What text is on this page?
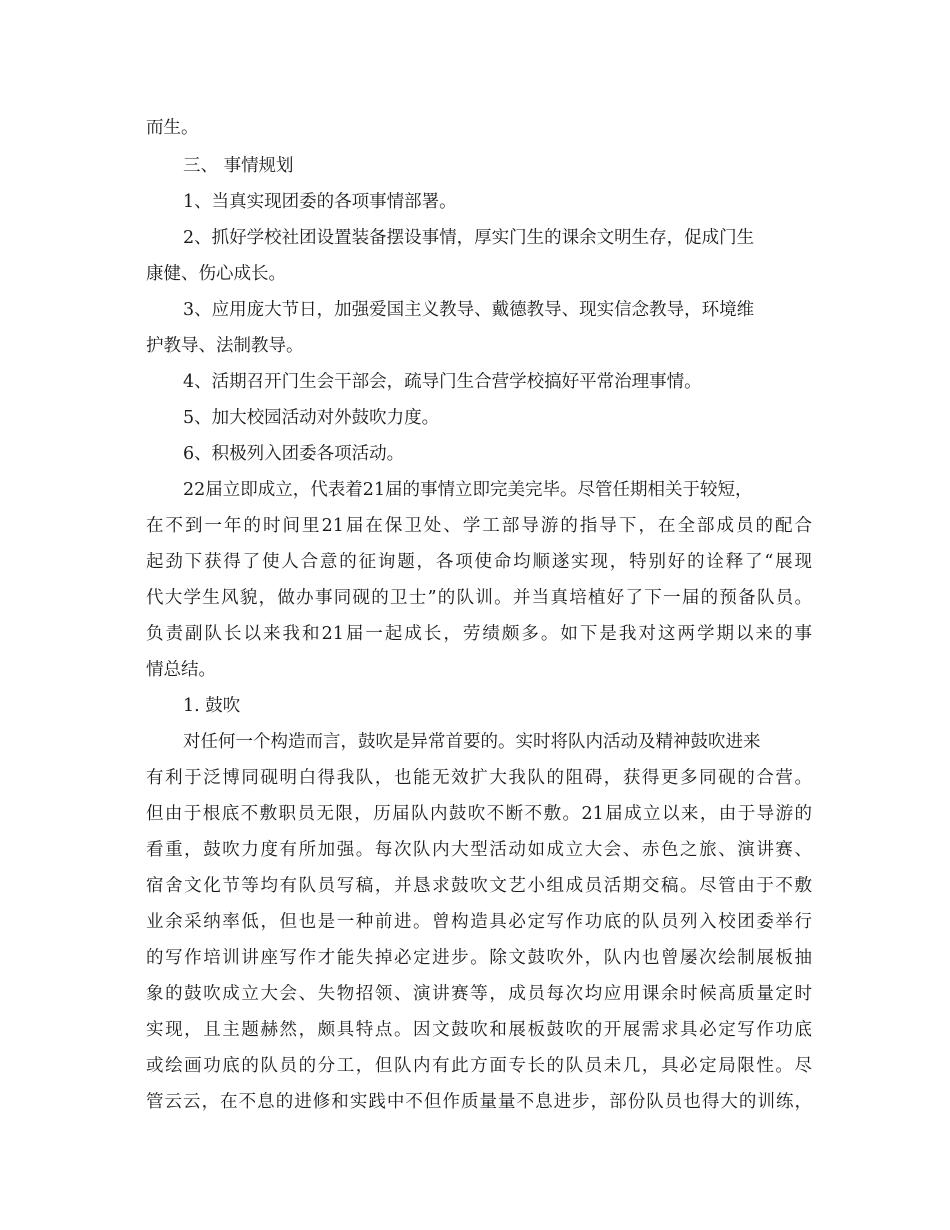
而生。
三、 事情规划
1、当真实现团委的各项事情部署。
2、抓好学校社团设置装备摆设事情，厚实门生的课余文明生存，促成门生
康健、伤心成长。
3、应用庞大节日，加强爱国主义教导、戴德教导、现实信念教导，环境维
护教导、法制教导。
4、活期召开门生会干部会，疏导门生合营学校搞好平常治理事情。
5、加大校园活动对外鼓吹力度。
6、积极列入团委各项活动。
22届立即成立，代表着21届的事情立即完美完毕。尽管任期相关于较短，
在不到一年的时间里21届在保卫处、学工部导游的指导下，在全部成员的配合
起劲下获得了使人合意的征询题，各项使命均顺遂实现，特别好的诠释了“展现
代大学生风貌，做办事同砚的卫士”的队训。并当真培植好了下一届的预备队员。
负责副队长以来我和21届一起成长，劳绩颇多。如下是我对这两学期以来的事
情总结。
1. 鼓吹
对任何一个构造而言，鼓吹是异常首要的。实时将队内活动及精神鼓吹进来
有利于泛博同砚明白得我队，也能无效扩大我队的阻碍，获得更多同砚的合营。
但由于根底不敷职员无限，历届队内鼓吹不断不敷。21届成立以来，由于导游的
看重，鼓吹力度有所加强。每次队内大型活动如成立大会、赤色之旅、演讲赛、
宿舍文化节等均有队员写稿，并恳求鼓吹文艺小组成员活期交稿。尽管由于不敷
业余采纳率低，但也是一种前进。曾构造具必定写作功底的队员列入校团委举行
的写作培训讲座写作才能失掉必定进步。除文鼓吹外，队内也曾屡次绘制展板抽
象的鼓吹成立大会、失物招领、演讲赛等，成员每次均应用课余时候高质量定时
实现，且主题赫然，颇具特点。因文鼓吹和展板鼓吹的开展需求具必定写作功底
或绘画功底的队员的分工，但队内有此方面专长的队员未几，具必定局限性。尽
管云云，在不息的进修和实践中不但作质量量不息进步，部份队员也得大的训练，
